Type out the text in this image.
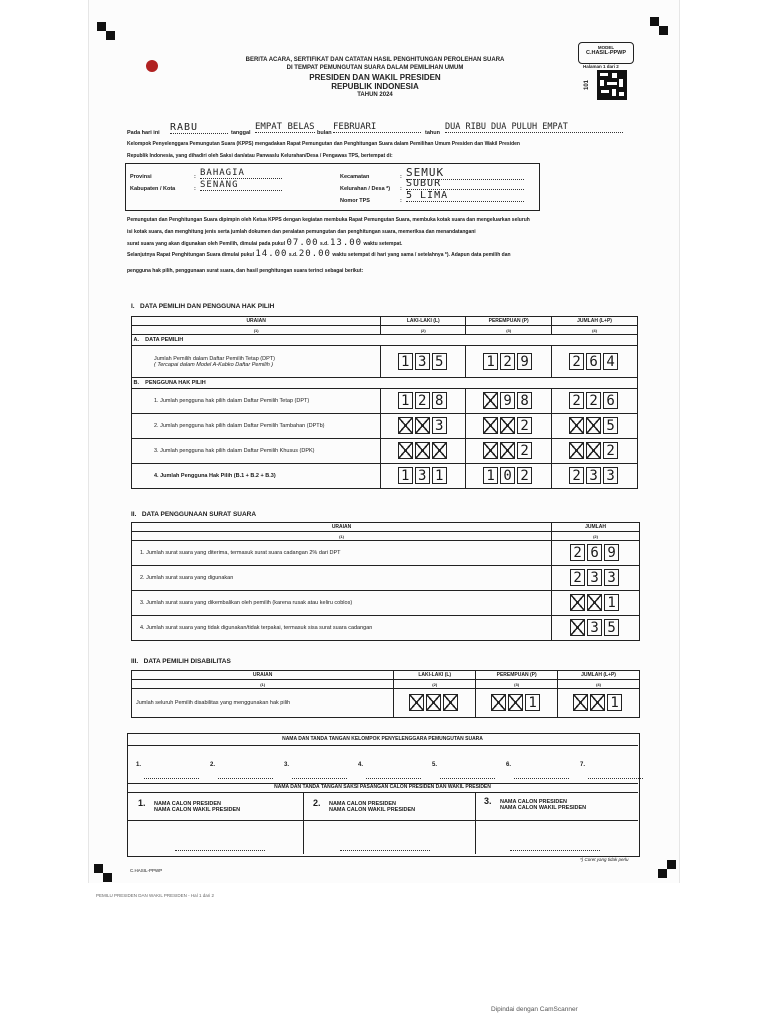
BERITA ACARA, SERTIFIKAT DAN CATATAN HASIL PENGHITUNGAN PEROLEHAN SUARA
DI TEMPAT PEMUNGUTAN SUARA DALAM PEMILIHAN UMUM
PRESIDEN DAN WAKIL PRESIDEN
REPUBLIK INDONESIA
TAHUN 2024
MODEL
C.HASIL-PPWP
Halaman 1 dari 2
101
Pada hari ini RABU	tanggal
EMPAT BELAS
bulan
FEBRUARI
tahun
DUA RIBU DUA PULUH EMPAT
Kelompok Penyelenggara Pemungutan Suara (KPPS) mengadakan Rapat Pemungutan dan Penghitungan Suara dalam Pemilihan Umum Presiden dan Wakil Presiden
Republik Indonesia, yang dihadiri oleh Saksi dan/atau Panwaslu Kelurahan/Desa / Pengawas TPS, bertempat di:
Provinsi	: BAHAGIA
Kabupaten / Kota	: SENANG
Kecamatan	: SEMUK
Kelurahan / Desa *) : SUBUR
Nomor TPS	: 5 LIMA
Pemungutan dan Penghitungan Suara dipimpin oleh Ketua KPPS dengan kegiatan membuka Rapat Pemungutan Suara, membuka kotak suara dan mengeluarkan seluruh
isi kotak suara, dan menghitung jenis serta jumlah dokumen dan peralatan pemungutan dan penghitungan suara, memeriksa dan menandatangani
surat suara yang akan digunakan oleh Pemilih, dimulai pada pukul 07.00 s.d. 13.00 waktu setempat.
Selanjutnya Rapat Penghitungan Suara dimulai pukul 14.00 s.d. 20.00 waktu setempat di hari yang sama / setelahnya *). Adapun data pemilih dan
pengguna hak pilih, penggunaan surat suara, dan hasil penghitungan suara terinci sebagai berikut:
I. DATA PEMILIH DAN PENGGUNA HAK PILIH
URAIAN	LAKI-LAKI (L)	PEREMPUAN (P)	JUMLAH (L+P)
(1)	(2)	(3)	(4)
A. DATA PEMILIH			

Jumlah Pemilih dalam Daftar Pemilih Tetap (DPT)
( Tercapai dalam Model A-Kabko Daftar Pemilih )	1 3 5	1 2 9	2 6 4
B. PENGGUNA HAK PILIH			

1. Jumlah pengguna hak pilih dalam Daftar Pemilih Tetap (DPT)	1 2 8	9 8	2 2 6

2. Jumlah pengguna hak pilih dalam Daftar Pemilih Tambahan (DPTb)	3	2	5

3. Jumlah pengguna hak pilih dalam Daftar Pemilih Khusus (DPK)		2	2

4. Jumlah Pengguna Hak Pilih (B.1 + B.2 + B.3)	1 3 1	1 0 2	2 3 3
II. DATA PENGGUNAAN SURAT SUARA
URAIAN	JUMLAH
(1)	(2)

1. Jumlah surat suara yang diterima, termasuk surat suara cadangan 2% dari DPT	2 6 9

2. Jumlah surat suara yang digunakan	2 3 3

3. Jumlah surat suara yang dikembalikan oleh pemilih (karena rusak atau keliru coblos)	1

4. Jumlah surat suara yang tidak digunakan/tidak terpakai, termasuk sisa surat suara cadangan	3 5
III. DATA PEMILIH DISABILITAS
URAIAN	LAKI-LAKI (L)	PEREMPUAN (P)	JUMLAH (L+P)
(1)	(2)	(3)	(4)

Jumlah seluruh Pemilih disabilitas yang menggunakan hak pilih		1	1
NAMA DAN TANDA TANGAN KELOMPOK PENYELENGGARA PEMUNGUTAN SUARA
1.	2.	3.	4.	5.	6.	7.
NAMA DAN TANDA TANGAN SAKSI PASANGAN CALON PRESIDEN DAN WAKIL PRESIDEN
$^{1.}$ NAMA CALON PRESIDEN
NAMA CALON WAKIL PRESIDEN
$^{2.}$ NAMA CALON PRESIDEN
NAMA CALON WAKIL PRESIDEN
$^{3.}$ NAMA CALON PRESIDEN
NAMA CALON WAKIL PRESIDEN
C.HASIL-PPWP
*) Coret yang tidak perlu
PEMILU PRESIDEN DAN WAKIL PRESIDEN - Hal 1 dari 2
Dipindai dengan CamScanner
